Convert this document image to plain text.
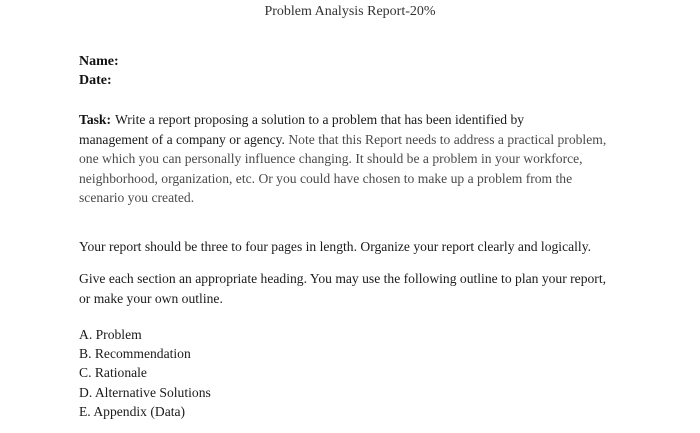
Problem Analysis Report-20%
Name:
Date:
Task: Write a report proposing a solution to a problem that has been identified by
management of a company or agency. Note that this Report needs to address a practical problem,
one which you can personally influence changing. It should be a problem in your workforce,
neighborhood, organization, etc. Or you could have chosen to make up a problem from the
scenario you created.
Your report should be three to four pages in length. Organize your report clearly and logically.
Give each section an appropriate heading. You may use the following outline to plan your report,
or make your own outline.
A. Problem
B. Recommendation
C. Rationale
D. Alternative Solutions
E. Appendix (Data)
